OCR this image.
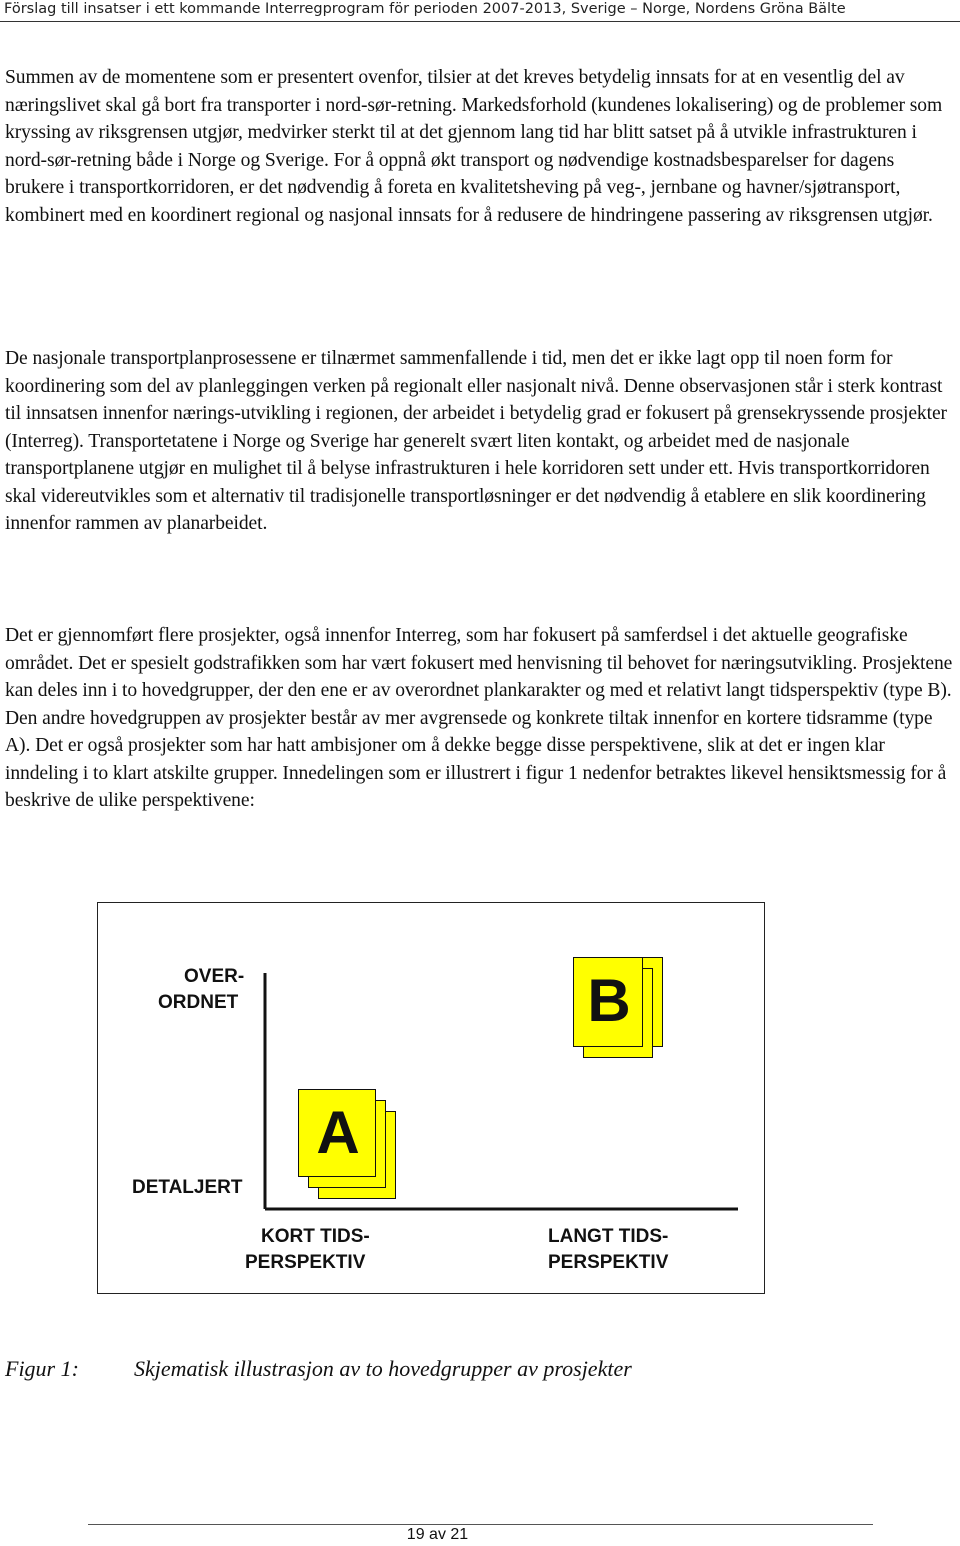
Förslag till insatser i ett kommande Interregprogram för perioden 2007-2013, Sverige – Norge, Nordens Gröna Bälte

Summen av de momentene som er presentert ovenfor, tilsier at det kreves betydelig innsats for at en vesentlig del av næringslivet skal gå bort fra transporter i nord-sør-retning. Markedsforhold (kundenes lokalisering) og de problemer som kryssing av riksgrensen utgjør, medvirker sterkt til at det gjennom lang tid har blitt satset på å utvikle infrastrukturen i nord-sør-retning både i Norge og Sverige. For å oppnå økt transport og nødvendige kostnadsbesparelser for dagens brukere i transportkorridoren, er det nødvendig å foreta en kvalitetsheving på veg-, jernbane og havner/sjøtransport, kombinert med en koordinert regional og nasjonal innsats for å redusere de hindringene passering av riksgrensen utgjør.

De nasjonale transportplanprosessene er tilnærmet sammenfallende i tid, men det er ikke lagt opp til noen form for koordinering som del av planleggingen verken på regionalt eller nasjonalt nivå. Denne observasjonen står i sterk kontrast til innsatsen innenfor nærings-utvikling i regionen, der arbeidet i betydelig grad er fokusert på grensekryssende prosjekter (Interreg). Transportetatene i Norge og Sverige har generelt svært liten kontakt, og arbeidet med de nasjonale transportplanene utgjør en mulighet til å belyse infrastrukturen i hele korridoren sett under ett. Hvis transportkorridoren skal videreutvikles som et alternativ til tradisjonelle transportløsninger er det nødvendig å etablere en slik koordinering innenfor rammen av planarbeidet.

Det er gjennomført flere prosjekter, også innenfor Interreg, som har fokusert på samferdsel i det aktuelle geografiske området. Det er spesielt godstrafikken som har vært fokusert med henvisning til behovet for næringsutvikling. Prosjektene kan deles inn i to hovedgrupper, der den ene er av overordnet plankarakter og med et relativt langt tidsperspektiv (type B). Den andre hovedgruppen av prosjekter består av mer avgrensede og konkrete tiltak innenfor en kortere tidsramme (type A). Det er også prosjekter som har hatt ambisjoner om å dekke begge disse perspektivene, slik at det er ingen klar inndeling i to klart atskilte grupper. Innedelingen som er illustrert i figur 1 nedenfor betraktes likevel hensiktsmessig for å beskrive de ulike perspektivene:

OVER-
ORDNET
DETALJERT
KORT TIDS-
PERSPEKTIV
LANGT TIDS-
PERSPEKTIV
A
B
Figur 1:	Skjematisk illustrasjon av to hovedgrupper av prosjekter
19 av 21
